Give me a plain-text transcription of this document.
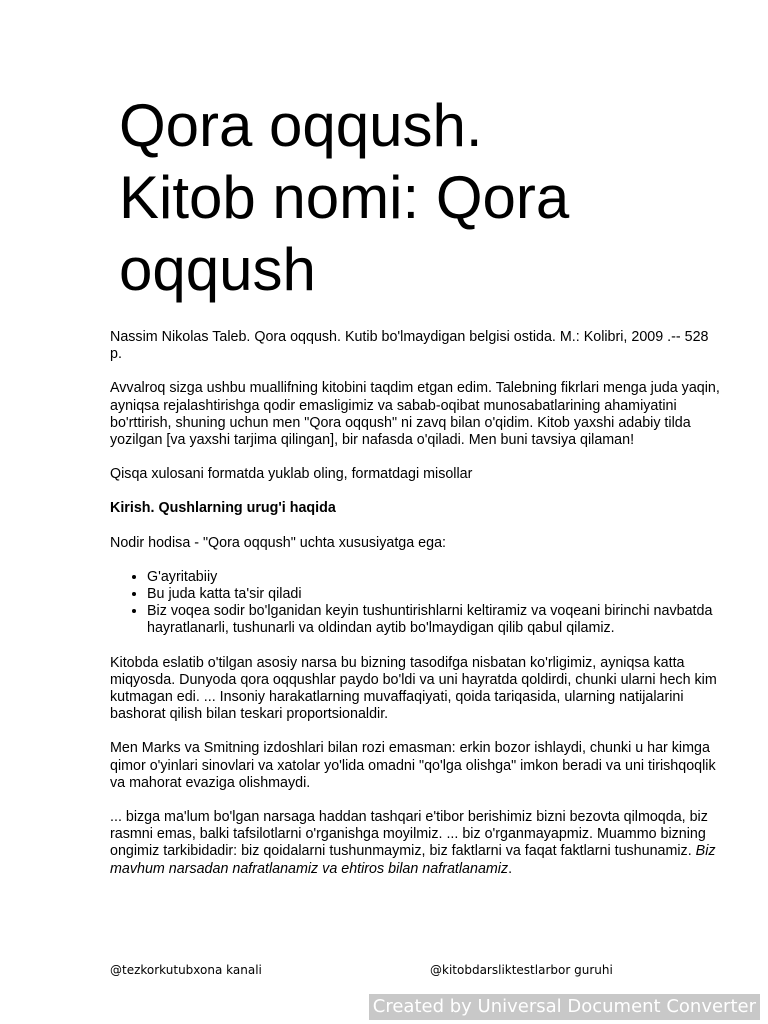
Qora oqqush.
Kitob nomi: Qora
oqqush

Nassim Nikolas Taleb. Qora oqqush. Kutib bo'lmaydigan belgisi ostida. M.: Kolibri, 2009 .-- 528 p.

Avvalroq sizga ushbu muallifning kitobini taqdim etgan edim. Talebning fikrlari menga juda yaqin, ayniqsa rejalashtirishga qodir emasligimiz va sabab-oqibat munosabatlarining ahamiyatini bo'rttirish, shuning uchun men "Qora oqqush" ni zavq bilan o'qidim. Kitob yaxshi adabiy tilda yozilgan [va yaxshi tarjima qilingan], bir nafasda o'qiladi. Men buni tavsiya qilaman!

Qisqa xulosani formatda yuklab oling, formatdagi misollar

Kirish. Qushlarning urug'i haqida

Nodir hodisa - "Qora oqqush" uchta xususiyatga ega:

• G'ayritabiiy
• Bu juda katta ta'sir qiladi
• Biz voqea sodir bo'lganidan keyin tushuntirishlarni keltiramiz va voqeani birinchi navbatda hayratlanarli, tushunarli va oldindan aytib bo'lmaydigan qilib qabul qilamiz.

Kitobda eslatib o'tilgan asosiy narsa bu bizning tasodifga nisbatan ko'rligimiz, ayniqsa katta miqyosda. Dunyoda qora oqqushlar paydo bo'ldi va uni hayratda qoldirdi, chunki ularni hech kim kutmagan edi. ... Insoniy harakatlarning muvaffaqiyati, qoida tariqasida, ularning natijalarini bashorat qilish bilan teskari proportsionaldir.

Men Marks va Smitning izdoshlari bilan rozi emasman: erkin bozor ishlaydi, chunki u har kimga qimor o'yinlari sinovlari va xatolar yo'lida omadni "qo'lga olishga" imkon beradi va uni tirishqoqlik va mahorat evaziga olishmaydi.

... bizga ma'lum bo'lgan narsaga haddan tashqari e'tibor berishimiz bizni bezovta qilmoqda, biz rasmni emas, balki tafsilotlarni o'rganishga moyilmiz. ... biz o'rganmayapmiz. Muammo bizning ongimiz tarkibidadir: biz qoidalarni tushunmaymiz, biz faktlarni va faqat faktlarni tushunamiz. Biz mavhum narsadan nafratlanamiz va ehtiros bilan nafratlanamiz.

@tezkorkutubxona kanali	@kitobdarsliktestlarbor guruhi
Created by Universal Document Converter
